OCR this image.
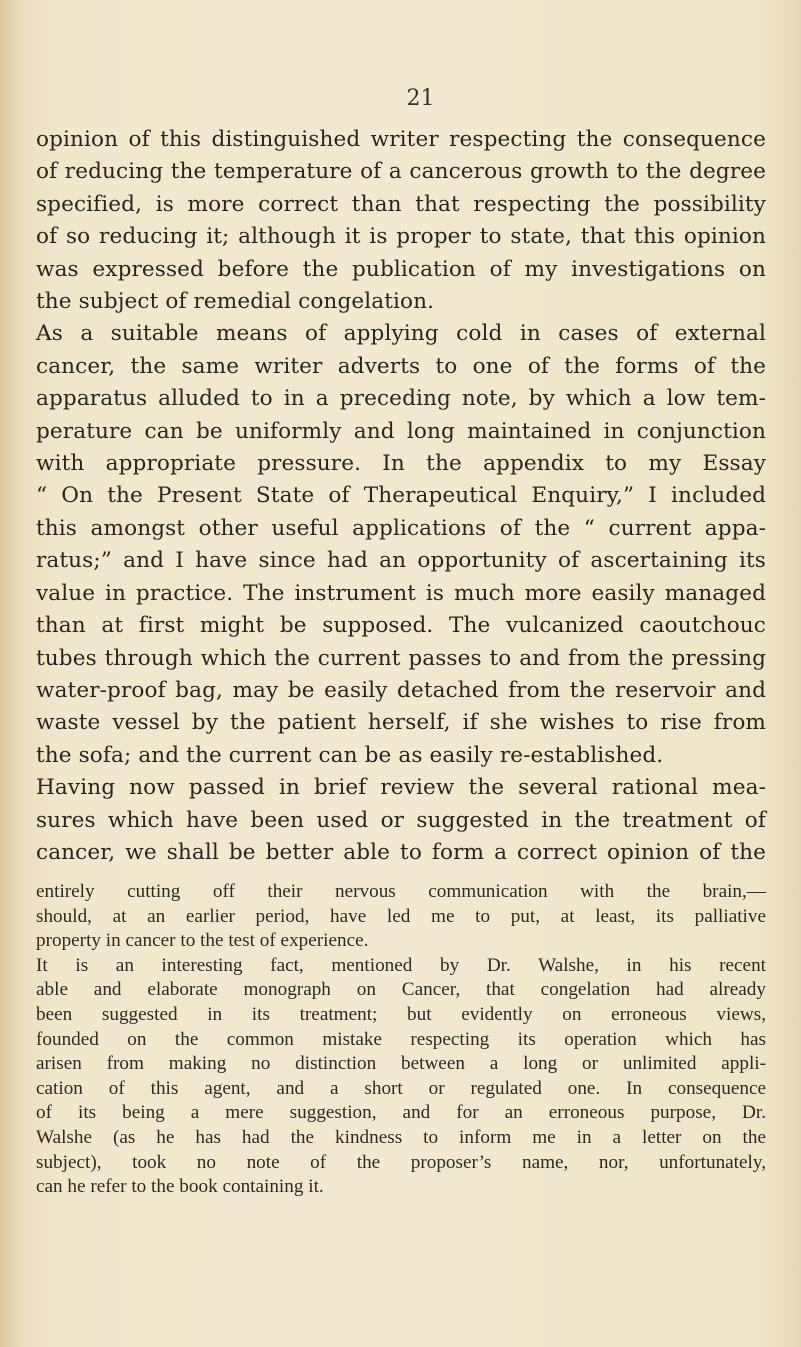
21
opinion of this distinguished writer respecting the consequence
of reducing the temperature of a cancerous growth to the degree
specified, is more correct than that respecting the possibility
of so reducing it; although it is proper to state, that this opinion
was expressed before the publication of my investigations on
the subject of remedial congelation.
As a suitable means of applying cold in cases of external
cancer, the same writer adverts to one of the forms of the
apparatus alluded to in a preceding note, by which a low tem-
perature can be uniformly and long maintained in conjunction
with appropriate pressure. In the appendix to my Essay
“ On the Present State of Therapeutical Enquiry,” I included
this amongst other useful applications of the “ current appa-
ratus;” and I have since had an opportunity of ascertaining its
value in practice. The instrument is much more easily managed
than at first might be supposed. The vulcanized caoutchouc
tubes through which the current passes to and from the pressing
water-proof bag, may be easily detached from the reservoir and
waste vessel by the patient herself, if she wishes to rise from
the sofa; and the current can be as easily re-established.
Having now passed in brief review the several rational mea-
sures which have been used or suggested in the treatment of
cancer, we shall be better able to form a correct opinion of the
entirely cutting off their nervous communication with the brain,—
should, at an earlier period, have led me to put, at least, its palliative
property in cancer to the test of experience.
It is an interesting fact, mentioned by Dr. Walshe, in his recent
able and elaborate monograph on Cancer, that congelation had already
been suggested in its treatment; but evidently on erroneous views,
founded on the common mistake respecting its operation which has
arisen from making no distinction between a long or unlimited appli-
cation of this agent, and a short or regulated one. In consequence
of its being a mere suggestion, and for an erroneous purpose, Dr.
Walshe (as he has had the kindness to inform me in a letter on the
subject), took no note of the proposer’s name, nor, unfortunately,
can he refer to the book containing it.
